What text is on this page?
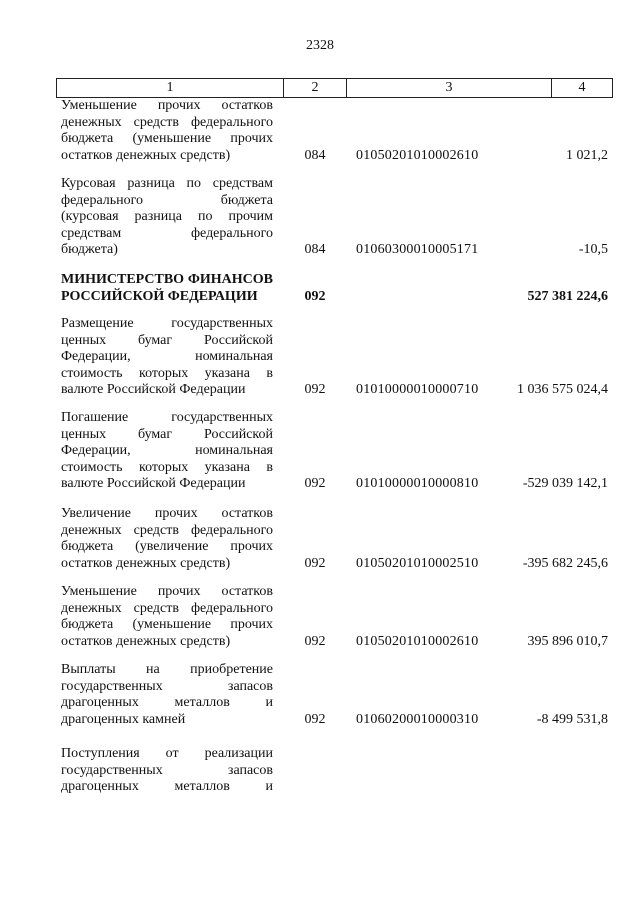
2328
1	2	3	4
Уменьшение прочих остатков
денежных средств федерального
бюджета (уменьшение прочих
остатков денежных средств)	084	01050201010002610	1 021,2
Курсовая разница по средствам
федерального бюджета
(курсовая разница по прочим
средствам федерального
бюджета)	084	01060300010005171	-10,5
МИНИСТЕРСТВО ФИНАНСОВ
РОССИЙСКОЙ ФЕДЕРАЦИИ	092	527 381 224,6
Размещение государственных
ценных бумаг Российской
Федерации, номинальная
стоимость которых указана в
валюте Российской Федерации	092	01010000010000710	1 036 575 024,4
Погашение государственных
ценных бумаг Российской
Федерации, номинальная
стоимость которых указана в
валюте Российской Федерации	092	01010000010000810	-529 039 142,1
Увеличение прочих остатков
денежных средств федерального
бюджета (увеличение прочих
остатков денежных средств)	092	01050201010002510	-395 682 245,6
Уменьшение прочих остатков
денежных средств федерального
бюджета (уменьшение прочих
остатков денежных средств)	092	01050201010002610	395 896 010,7
Выплаты на приобретение
государственных запасов
драгоценных металлов и
драгоценных камней	092	01060200010000310	-8 499 531,8
Поступления от реализации
государственных запасов
драгоценных металлов и
